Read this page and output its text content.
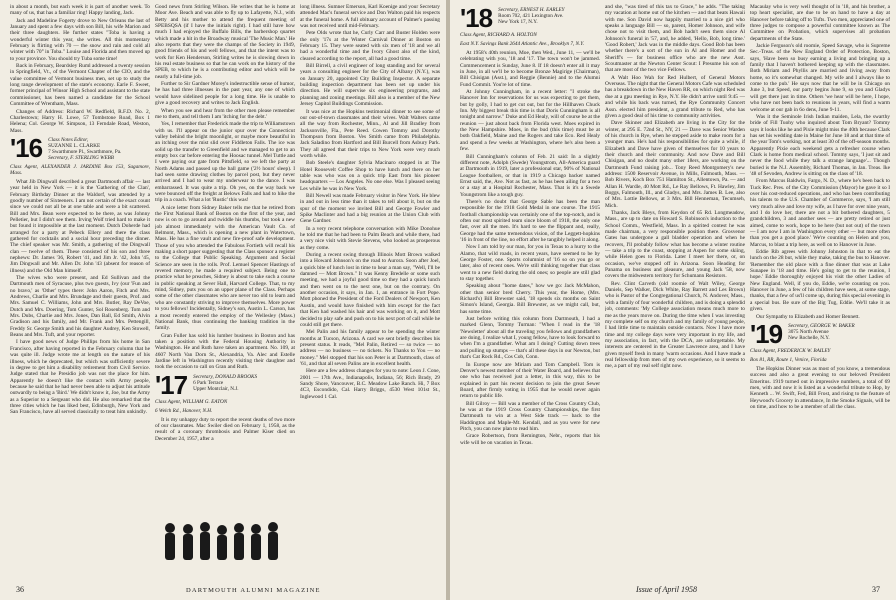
in about a month, but each week it is part of another week. To many of us, that has a familiar ring! Happy landing, Jack.

Jack and Madeline Fogerty drove to New Orleans the last of January and spent a few days with son Bill, his wife Marion and their three daughters. He further states "Toba is having a wonderful winter this year, she writes. All this momentary February is flirting with 70 — the snow and rain and cold all winter with 70° in Toba." Louise and Florida and then moved up to your province. You should try Tuba some time!

Back in February, Beardsley Ruml addressed a twenty session in Springfield, Vt., of the Vermont Chapter of the CIO, and the value committee of Vermont business men, set up to study the long range development of the state's economy. Earle F. Sweet, former principal of Winsor High School and assistant to the state commissioner, has been named a candidate for the School Committee of Wrentham, Mass.

Changes of Address: Richard W. Redfield, R.F.D. No. 2, Charlestown; Harry H. Lowe, 57 Tombstone Road, Box 1 Helena; Col. George W. Simpson, 13 Ferndale Road, Weston, Mass.

'16 Class Notes Editor,
SUZANNE L. CLARKE
7 Swarthmore Pl., Swarthmore, Pa.
Secretary, F. STERLING WEBB
Class Agent, ALEXANDER J. JARDINE Box 153, Sagamore, Mass.

What Jib Dingwall described a great Dartmouth affair — last year held in New York — it is the 'Gathering of the Clan', February Birthday Dinner at the Waldorf, was attended by a goodly number of Sixteeners. I am not certain of the exact count since we could not all be at one table and were a bit scattered. Bill and Mrs. Bean were expected to be there, as was Johnny Pelletier, but I didn't see them. Irving Wolf tried hard to make it but found it impossible at the last moment. Dutch Doherde had arranged for a party at Pebeck Ellery and there the class gathered for cocktails and a social hour preceding the dinner. The chief speaker was Mr. Smith, a gathering of the Dingwall clan — twelve of them. These consisted of his son and three nephews: Dr. James '36, Robert '41, and Jim Jr. '42, John '45, Jim Dingwall and Mr. Allen Dr. John '43 (absent for reason of illness) and the Old Man himself.

The wives who were present, and Ed Sullivan and the Dartmouth men of Syracuse, plus two guests, Ivy (our 'Fun and no bravo,' as 'Other' types there: John Aaron, Fitch and Mrs. Andrews, Charlie and Mrs. Brundage and their guests, Prof. and Mrs. Samuel C. Williams, John and Mrs. Butler, Ray DeVoe, Dutch and Mrs. Doering, Tom Gunter, Sol Rosenberg. Tom and Mrs. Dubs, Charlie and Mrs. Jones, Dan Ball, Ed Smith, Alvin Gradison and his family, and Mr. Frank and Mrs. Pettengill, Freddy Sr. George Smith and his daughter Audrey, Ken Stowell, Beans and Mrs. Tuft, and your reporter.

I have good news of Judge Phillips from his home in San Francisco, after having reported in the February column that he was quite ill. Judge wrote me at length on the nature of his illness, which he deprecated, but which was sufficiently severe in degree to get him a disability retirement from Civil Service. Judge stated that he Presidio job was not the place for him. Apparently he doesn't like the contact with Army people, because he said that he had never been able to adjust his attitude outwardly to being a 'Bird.' We didn't know it, Joe, but the Army as a Superior to a Sergeant who did. He also remarked that the three cities which he has liked best, Edinburgh, New York and San Francisco, have all served classically to treat him unkindly.

Good news from Stirling Wilson. He writes that he is home at Moor Ave. Beach and was able to fly up to Lafayette, N.J., with Betty and his mother to attend the frequent meeting of SPEBSQSA (if I have the initials right). I had still have how much I had enjoyed the Buffalo Bills, the barbershop quartet which made a hit in the Broadway musical 'The Music Man.' He also reports that they were the champs of the Society in 1949, good friends of his and well fellows, and that the intent was to work for Ken Henderson, Stirling writes he is slowing down in his real estate business so that he can work on the history of the SPEB, to which he is a contributing editor and which will be nearly a full-time job.

Further to Sir Gardner Morey's indestructible sense of humor, he has had three illnesses in the past year, any one of which would have sidelined people for a long time. He is unable to give a good recovery and writes to Jack English.

When you see and hear from the other men please remember me to them, and tell them I am 'itching for the debt.'

Yes, I remember that Frederick made the trip to Williamstown with us. I'll appear on the junior spur over the Connecticut valley behind the bright moonlight, or maybe more beautiful in an itching over the mist slid over Fiddleton Falls. The ice was solid up the transfer to Greenfield and we managed to get to an empty box car before entering the Hoosac tunnel. Mel Tuttle and I were paying our gate from Pittsfield, so we left the party at North Adams and passed up the ball game ('2½ hours' sleep). I had seen some drawing clothes by parcel post, but they never arrived and I had to wear my underwear to the dance. I was embarrassed. It was quite a trip. Oh yes, on the way back we were bounced off the freight at Belows Falls and had to hike the trip in a coach. What a lot 'Rustic' this was!

A nice letter from Sidney Baker tells me that he retired from the First National Bank of Boston on the first of the year, and now is on to go around and twiddle his thumbs, but took a new job almost immediately with the American Vault Co. of Belmont, Mass., which is opening a new plant in Watertown, Mass. He has a fine vault and new fire-proof safe development. Those of you who attended the Fabulous Fortieth will recall his making a short paper suggesting that the Class sponsor a register to the College that Public Speaking. Argument and Social Science are seen in the rolls. Prof. Lemuel Spencer Hastings of revered memory, he made a required subject. Being one to practice what he preaches, Sidney is about to take such a course in public speaking at Sever Hall, Harvard College. That, to my mind, Sidney, puts you on an upper plane of the Class. Perhaps some of the other classmates who are never too old to learn and who are constantly striving to improve themselves. More power to you fellows! Incidentally, Sidney's son, Austin L. Carson, has a most recently entered the employ of the Wellesley (Mass.) National Bank, thus continuing the banking tradition in the family.

Gran Fuller has sold his lumber business in Boston and has taken a position with the Federal Housing Authority in Washington. He and Ruth have taken an apartment. No. 109, at 4607 North Van Dorn St., Alexandria, Va. Alec and Estelle Jardine left in Washington recently visiting their daughter and took the occasion to call on Gran and Ruth.

'17 Secretary, DONALD BROOKS
6 Park Terrace
Upper Montclair, N.J.
Class Agent, WILLIAM G. EATON
6 Welch Rd., Hanover, N.H.

It is my unhappy duty to report the recent deaths of two more of our classmates. Mac Swiler died on February 1, 1958, as the result of a coronary thrombosis and Palmer Kiser died on December 24, 1957, after a

long illness. Sumner Emerson, Karl Koenige and your Secretary attended Mac's funeral service and Don Walton paid his respects at the funeral home. A full obituary account of Palmer's passing was not received until mid-February.

Pete Olds wrote that he, Curly Carr and Buster Holden were the only '17s at the Winter Carnival Dinner at Boston on February 15. They were seated with six men of '18 and we all had a wonderful time and the Ivory Ghost also of the kind, cleared according to the report, all had a good time.

Bill Birrell, a civil engineer of long standing and for several years a consulting engineer for the City of Albany (N.Y.), was on January 20, appointed City Building Inspector. A separate building inspection department has been set up under his direction. He will supervise six engineering programs, and planning and zoning meetings. Bill also is a member of the New Jersey Capitol Buildings Commission.

It was nice at the Hopkins testimonial dinner to see some of our out-of-town classmates and their wives. Walt Walters came all the way from Rochester, Minn., Al and Jill Bradley from Jacksonville, Fla., Pete Reed. Cowen Tommy and Dorothy Thompson from Boston. Ves Smith came from Philadelphia. Jack Saladino from Hartford and Bill Burcell from Asbury Park. They all agreed that their trips to New York were very much worth while.

Bob Steele's daughter Sylvia Macinaro stopped in at The Hotel Roosevelt Coffee Shop to have lunch and there on her table was who was on a quick trip East from his pioneer headquarters — Los Angeles. No one else. Was I pleased seeing Les while he was in New York.

Bill Newell was made February visitor in New York. He blew in and out in less time than it takes to tell about it, but on the spur of the moment we invited Bill and George Fowler and Spike Maclinter and had a big reunion at the Union Club with Gene Gardner.

In a very recent telephone conversation with Mike Donohue he told me that he had been to Palm Beach and while there, had a very nice visit with Stevie Stevens, who looked as prosperous as they come.

During a recent swing through Illinois Mott Brown walked into a Howard Johnson's on the road to Aurora. Soon after Joel, a quick bite of lunch lost in time to hear a man say, "Well, I'll be damned — Mott Brown." It was Kenny Bredelle or some such meeting, we had a joyful good time so they had a quick lunch and then went on to the next one, but on the contrary. On another occasion, it says, in Jan. 1, an entrance in Fort Pope. Mott phoned the President of the Ford Dealers of Newport, Ken Austin, and would have finished with him except for the fact that Ken had washed his hair and was working on it, and Mott decided to play safe and push on to his next port of call while he could still get there.

Mel Palin and his family appear to be spending the winter months at Tucson, Arizona. A card we sent briefly describes his present status. It reads, "Mel Palin, Retired — so twice — no address — no business — no tickets. No Thanks to You — no money." Mel stopped that his son Peter is at Dartmouth, class of '61, and that all seven Palins are in excellent health.

Here are a few address changes for you to note: Leon J. Cone, 2001 — 17th Ave., Indianapolis, Indiana, 56; Rich Brady, 29 Sandy Shore, Vancouver, B.C. Meadow Lake Ranch. Hi, 7 Box 4C3, Escondido, Cal. Harry Briggs, 4530 West 101st St., Inglewood 1 Cal.

36	DARTMOUTH ALUMNI MAGAZINE
'18 Secretary, ERNEST H. EARLEY
Room 702, 421 Lexington Ave.
New York 17, N.Y.
Class Agent, RICHARD A. HOLTON
East N.Y. Savings Bank 2644 Atlantic Ave., Brooklyn 7, N.Y.

At 1958's 40th reunion, Moe, then Wed., June 11, — we'll be celebrating with you, '18 and '17. The town won't be jammed. Commencement is Sunday, June 8. If 18 doesn't enter all it may in June, in all we'll be to become Bronze Magirige (Chairman), Bill Chisigan (Asst.), and Reggie (Bennie) and to the Alumni Fund Commit. You're lot of time.

At Johnny Cunningham, in a recent letter: "I stroke the Hanover Inn for reservations for us was expecting to get them, but by golly, I had to get cut out, but for the Hillhaven Chuck Inn. My biggest break this time is that Doris Cunningham is all tonight and narrow." Duke and Ed Healy, will of course be at the reunion — just about back from Florida west. Moes expired in the New Hampshire. Moes, in the bud (this time) must be at both Oakfield, Maine and the Rogers and take Eco. Red Healy and spend a few weeks at Washington, where he's also been a few.

Bill Cunningham's column of Feb. 21 said: In a slightly different note, Adolph (Swede) Youngstrom, All-America guard at Dartmouth in 1919, later a professional star, 90% of National League footballers, or that in 1919 a Chicago backer named Ernst said, the, Ave. Not as fast, as he has been ailing for a two or a stay at a Hospital Rochester, Mass. That is it's a Swede Youngstrom like a tough guy.

There's no doubt that George Sable has been the man responsible for the 1918 Gold Medal in one course. The 1915 football championship was certainly one of the top-notch, and is often our most spirited team since bloom of 1918, the only one fast, over all the men. It's hard to see the flippant and, really, George had the same tremendous vision, of the Leggett-hopkins '16 in front of the line, no effort after he tangibly helped it along.

Now I am told by our man, for you in Texas to a hurry to the Alamo, that wild roads, in recent years, have seemed to be by George Foster, one. Sports columnist of '16 so on you go or later, also of recent ones. We're still thinking together that class went to a new field during the old ones; so people are still glad to stay together.

Speaking about "home dates," how we go: Jack McMahon, other than senior bred Cherry. This year, the Home, (Mrs. Richard's) Bill Brewster said, '18 spends six months on Saint Simon's Island, Georgia. Bill Brewster, as we might call, but, has some time.

Just before writing this column from Dartmouth, I had a marked Glenn, Tommy Turman: "When I read in the '18 'Newsletter' about all the traveling you fellows and grandfathers are doing, I realize what I, young fellow, have to look forward to when I'm a grandfather. What am I doing? Cutting down trees and pulling up stumps — that's all these days in our Newton, but that's Cat Rock Rd., Cos Cob, Conn.

In Europe now are Miriam and Tom Campbell. Tom is Denver's newest member of their Water Board, and believes that one who has received just a letter, in this way, this to be explained in part his recent decision to join the great Sewer Board, after firmly voting in 1955 that he would never again return to public life.

Bill Gilroy — Bill was a member of the Cross Country Club, he was at the 1919 Cross Country Championships, the first Dartmouth to win at a West Side track — back to the Haddington and Maple-Mt. Kendall, and as you were for new Pitch, you can now plan to read him.

Grace Robertson, from Remington, Nebr., reports that his wife will be on vacation in Texas.

and she, "was tired of this tax to Grace," he adds. "The taking my vacation at home out of the kitchen — and that beats Hawaii with me. Son David now happily married to a nice girl who speaks a language Bill — so, parent, Homer Johnson, and wife chose not to visit them, and Bob hadn't seen them since Al Johnson's funeral in '57, and, he added, 'Hello, Bob, long time.' 'Good Robert,' Jack was in the middle days. Good Bob has been whether there's a sort of the sun in Al and Homer and the Sheriff's — for business office who are the new Asst. Scoutmaster at the Newton Center Scout: I Presume his son of that are most of the two vice Fellows.

A Walt Hoo Wah for Red Hulbert, of General Motors Overseas. The night that the General Motors Cafe was scheduled has a breakdown in the New Haven RR, on which night Red was due at a gpu meeting in Rye, N.Y. He didn't arrive until 9:45 — and while his back was turned, the Rye Community Concert Assn. elected him president, a grand tribute to Red, who has given a good deal of his time to community activities.

Dave Skinner and Elizabeth are living in the City for the winter, at 295 E. 72nd St., NY, 21 — Dave was Senior Warden of his church in Rye, when he stepped aside to make room for a younger man. He's had his responsibilities for quite a while, if Elizabeth and Dave have given of themselves for 10 years to their church and their community. And now Dave and Bill Chisigan, and no doubt many other 18ers, are working on the Dartmouth Fund raising job... Tony Reed Montgomery's new address: 1500 Reservoir Avenue, in Mills, Falmouth, Mass. — Bob Rivers, Koch Box 751 Hamilton St., Allentown, Pa. — and Allan H. Wardle, 40 Mott Rd., Le Ray Bellows, Ft. Hawley, Jim Boggs, Falmouth, Ill., and Gladys, and Mrs. James B. Lee, also of Mrs. Lottie Bellows, at 3 Mrs. Bill Henneman, Tecumseh, Mich.

Thanks, Jack Bleys, from Keydon of 65 Rd. Longmeadow, Mass., are up to date on Howard S. Robinson's induction to the School Comm., Westfield, Mass. In a spirited contest he was made chairman, a very responsible position there. Grosvenor Gates has undergone a gall bladder operation and when he recovers, I'll probably follow what has become a winter routine — take a trip to the coast, stopping at Aspen for some skiing, while Helen goes to Florida. Later I meet her there, or, on occasion, we've stopped off in Arizona. Soon Heading for Panama on business and pleasure, and young Jack '58, now covers the midwestern territory for Schumann Resistors.

Rev. Clint Carveth (old roomie of Walt Wiley, George Daniels, Sep Walker, Dick White, Ray Barrett and Les Brown) who is Pastor of the Congregational Church, N. Andover, Mass., with a family of four wonderful children, and is doing a splendid job, comments: 'My College association means much more to me as the years move on. During the time when I was investing my complete self on my church and my family of young people, I had little time to maintain outside contacts. Now I have more time and my college days were very important in my life, and my association, in fact, with the DCA, are unforgettable. My interests are centered in the Greater Lawrence area, and I have given myself fresh in many 'warm occasions. And I have made a real fellowship from men of my own experience, so it seems to me, a part of my real self right now.

Macaulay who is very well thought of in '18, and his brother, a top heart specialist, are due to be on hand to have a day at Hanover before taking off to Tufts. Two men, appreciated one of three judges to compose a powerful committee known as The Committee on Probation, which supervises all probation departments of the State.

Jackie Ferguson's old roomie, Speed Savage, who is Supreme Sec.-Treas. of the New England Order of Protection, Boston, says, 'Have been so busy earning a living and bringing up a family that I haven't bothered keeping up with the classmates. Both Miriam and Phyllis are married and living away from home, so it's somewhat changed. My wife and I always like to come to the pub.' He says now that he will be in Chicago on June 3, but Speed, our party begins June 9, so you and Gladys will get there just in time. Others 'we hear will be here, I hope, who have not been back to reunions in years, will find a warm welcome at our gab in 6o dens, June 9-11.

Was it the Seminole Irish Indian maiden, Lela, the swarthy bride of Fill Tuohy who inquired about Tom Bryant? Tommy says it looks like he and Pixie might miss the 40th because Clark has set his wedding date in Maine for June 18 and at that time of the year Tom's working, not at least 30 of the off-season months. Apparently Pixie each weekend gets a refresher course when Clark is home from medical school. Tommy says, 'I just sit and never the food while they talk a strange language'... Though buried is the N.J. Assembly, Richard Thomas, in Jan. Treas. Ike '48 of Sevoden, Andrew is sitting on the class of '18.

From Marcus Baldwin, Fargo, N. D., where he's been back to Tuck Rec. Pres. of the City Commission (Mayor) he gave it so I over his cost-reduced operations, and who has been contributing his talents to the U.S. Chamber of Commerce, says, 'I am still very much alive and love my wife, as I have for over nine years, and I do love her, there are not a bit bothered daughters, 5 grandchildren, 3 and another sees — are pretty retired or just aimed, come to work, hope to be here (but not out) of the town — I am now I am in Washington every other — but more often than you get a good place.' We're counting on Helen and you, Marcus, to blast a trip here, as well on to Hanover in June.

Eddie Rib agrees with Johnny Johnston in that to eat the lunch on the 28 but, while they make, taking the bus to Hanover. 'Remember the old place with a fine dinner that was at Lake Sunapee in '18 and time. He's going to get to the reunion, I hope.' Eddie thoroughly enjoyed his visit the other Ladies of New England. Well, if you do, Eddie, we're counting on you. Hanover in June, a few of his children have seen, at some stage, thanks, that a few of us'll come up, during this special evening in a special bus. Be sure of the Big Tug, Eddie. We'll take it as given.

Our Sympathy to Elizabeth and Homer Bennett.

'19 Secretary, GEORGE W. BAKER
3075 North Avenue
New Rochelle, N.Y.
Class Agent, FREDERICK W. BAILEY
Box 81, RR, Route 1, Venice, Florida

The Hopkins Dinner was as most of you know, a tremendous success and also a great evening to our beloved President Emeritus. 1919 turned out in impressive numbers, a total of 69 men, with and now it is listed as a wonderful tribute to Hop, by Kenneth ... W. Swift, Fed, Bill Frost, and rising to the feature of Heywood's Grocery in attendance, In the Smoke Signals, will be on time, and how to be a member of all the class.

Issue of April 1958	37
